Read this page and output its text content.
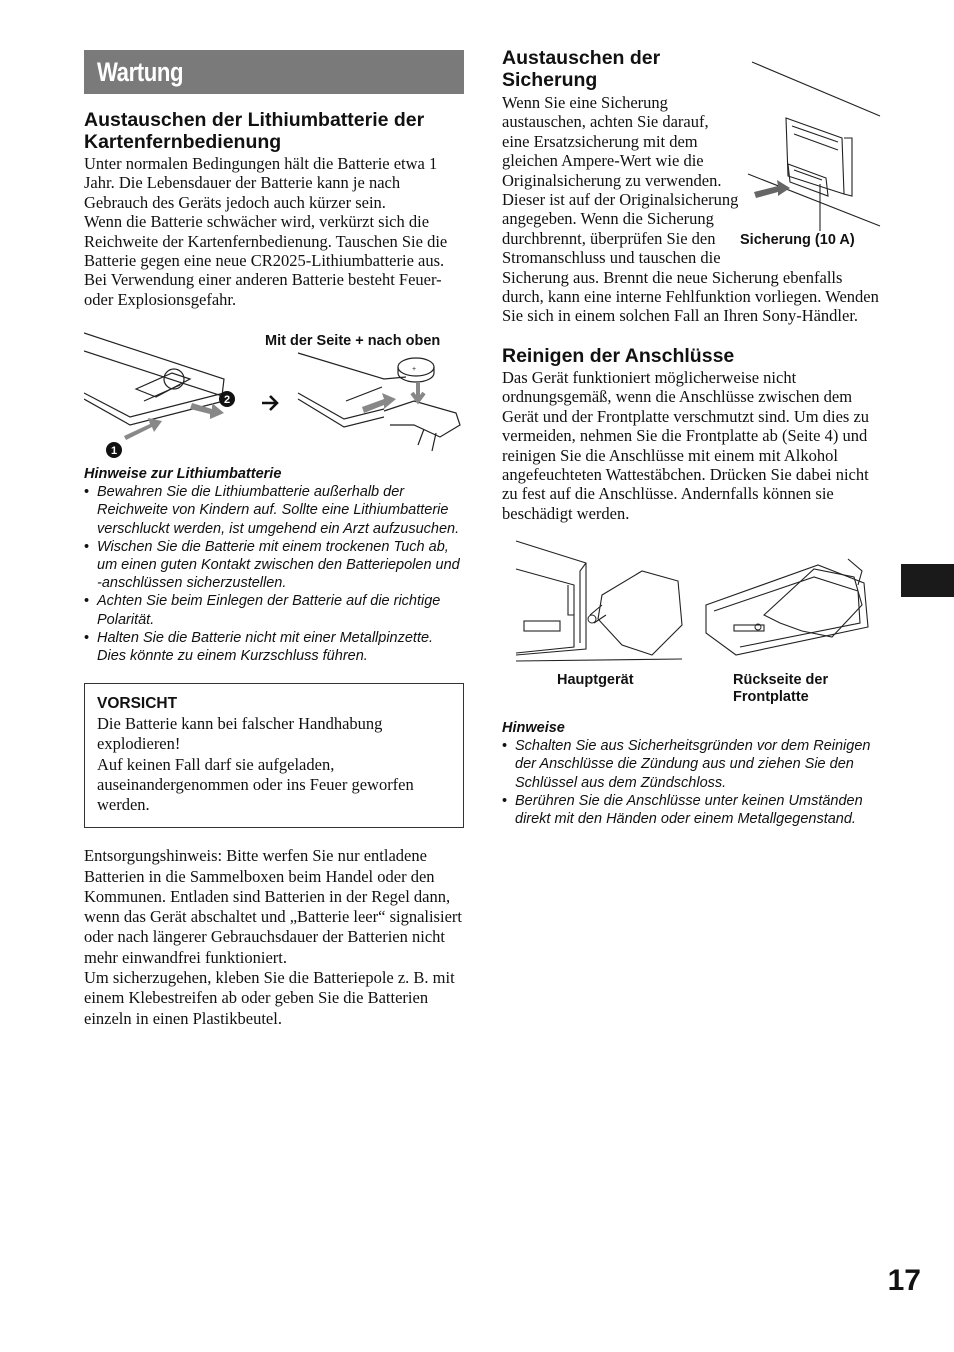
Wartung
Austauschen der Lithiumbatterie der Kartenfernbedienung

Unter normalen Bedingungen hält die Batterie etwa 1 Jahr. Die Lebensdauer der Batterie kann je nach Gebrauch des Geräts jedoch auch kürzer sein.

Wenn die Batterie schwächer wird, verkürzt sich die Reichweite der Kartenfernbedienung. Tauschen Sie die Batterie gegen eine neue CR2025-Lithiumbatterie aus. Bei Verwendung einer anderen Batterie besteht Feuer- oder Explosionsgefahr.

Mit der Seite + nach oben
1
2
+
Hinweise zur Lithiumbatterie
• Bewahren Sie die Lithiumbatterie außerhalb der Reichweite von Kindern auf. Sollte eine Lithiumbatterie verschluckt werden, ist umgehend ein Arzt aufzusuchen.
• Wischen Sie die Batterie mit einem trockenen Tuch ab, um einen guten Kontakt zwischen den Batteriepolen und -anschlüssen sicherzustellen.
• Achten Sie beim Einlegen der Batterie auf die richtige Polarität.
• Halten Sie die Batterie nicht mit einer Metallpinzette. Dies könnte zu einem Kurzschluss führen.
VORSICHT

Die Batterie kann bei falscher Handhabung explodieren!

Auf keinen Fall darf sie aufgeladen, auseinandergenommen oder ins Feuer geworfen werden.

Entsorgungshinweis: Bitte werfen Sie nur entladene Batterien in die Sammelboxen beim Handel oder den Kommunen. Entladen sind Batterien in der Regel dann, wenn das Gerät abschaltet und „Batterie leer“ signalisiert oder nach längerer Gebrauchsdauer der Batterien nicht mehr einwandfrei funktioniert.

Um sicherzugehen, kleben Sie die Batteriepole z. B. mit einem Klebestreifen ab oder geben Sie die Batterien einzeln in einen Plastikbeutel.

Sicherung (10 A)
Austauschen der Sicherung

Wenn Sie eine Sicherung austauschen, achten Sie darauf, eine Ersatzsicherung mit dem gleichen Ampere-Wert wie die Originalsicherung zu verwenden. Dieser ist auf der Originalsicherung angegeben. Wenn die Sicherung durchbrennt, überprüfen Sie den Stromanschluss und tauschen die Sicherung aus. Brennt die neue Sicherung ebenfalls durch, kann eine interne Fehlfunktion vorliegen. Wenden Sie sich in einem solchen Fall an Ihren Sony-Händler.

Reinigen der Anschlüsse

Das Gerät funktioniert möglicherweise nicht ordnungsgemäß, wenn die Anschlüsse zwischen dem Gerät und der Frontplatte verschmutzt sind. Um dies zu vermeiden, nehmen Sie die Frontplatte ab (Seite 4) und reinigen Sie die Anschlüsse mit einem mit Alkohol angefeuchteten Wattestäbchen. Drücken Sie dabei nicht zu fest auf die Anschlüsse. Andernfalls können sie beschädigt werden.

Hauptgerät	Rückseite der
Frontplatte
Hinweise
• Schalten Sie aus Sicherheitsgründen vor dem Reinigen der Anschlüsse die Zündung aus und ziehen Sie den Schlüssel aus dem Zündschloss.
• Berühren Sie die Anschlüsse unter keinen Umständen direkt mit den Händen oder einem Metallgegenstand.
17
